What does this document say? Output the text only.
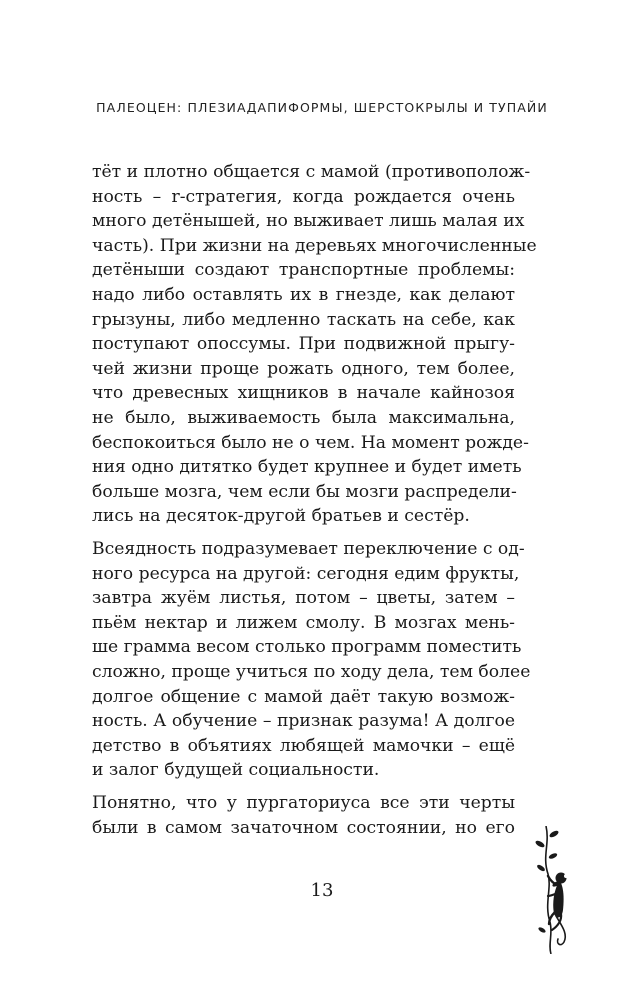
ПАЛЕОЦЕН: ПЛЕЗИАДАПИФОРМЫ, ШЕРСТОКРЫЛЫ И ТУПАЙИ
тёт и плотно общается с мамой (противополож-
ность – r-стратегия, когда рождается очень
много детёнышей, но выживает лишь малая их
часть). При жизни на деревьях многочисленные
детёныши создают транспортные проблемы:
надо либо оставлять их в гнезде, как делают
грызуны, либо медленно таскать на себе, как
поступают опоссумы. При подвижной прыгу-
чей жизни проще рожать одного, тем более,
что древесных хищников в начале кайнозоя
не было, выживаемость была максимальна,
беспокоиться было не о чем. На момент рожде-
ния одно дитятко будет крупнее и будет иметь
больше мозга, чем если бы мозги распредели-
лись на десяток-другой братьев и сестёр.
Всеядность подразумевает переключение с од-
ного ресурса на другой: сегодня едим фрукты,
завтра жуём листья, потом – цветы, затем –
пьём нектар и лижем смолу. В мозгах мень-
ше грамма весом столько программ поместить
сложно, проще учиться по ходу дела, тем более
долгое общение с мамой даёт такую возмож-
ность. А обучение – признак разума! А долгое
детство в объятиях любящей мамочки – ещё
и залог будущей социальности.
Понятно, что у пургаториуса все эти черты
были в самом зачаточном состоянии, но его
13
